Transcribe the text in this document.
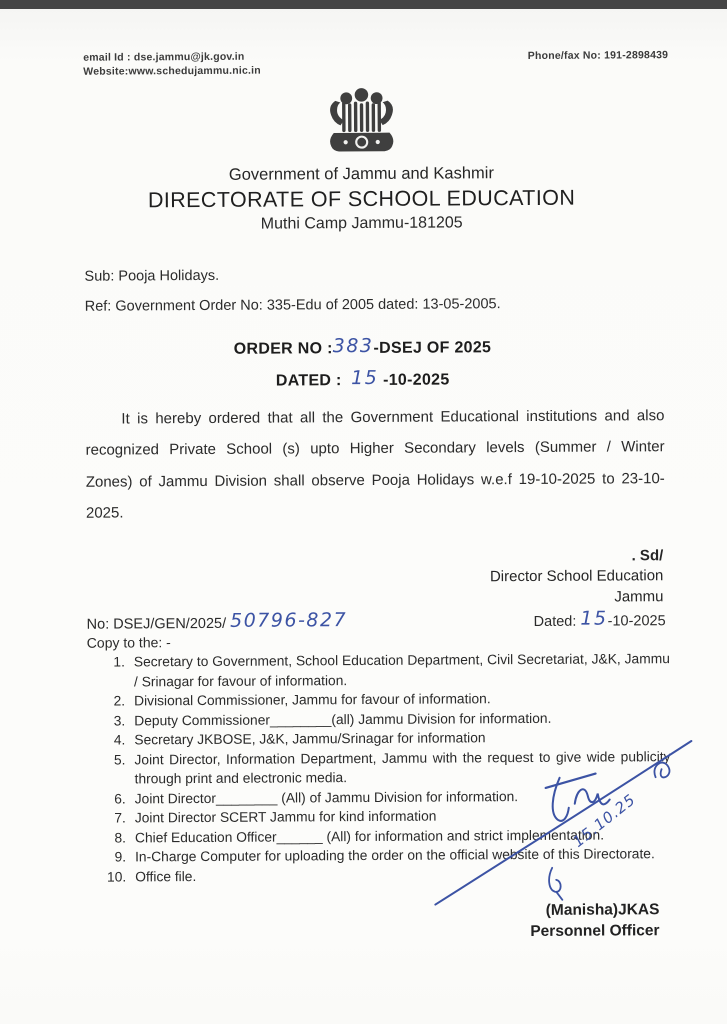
email Id : dse.jammu@jk.gov.in
Website:www.schedujammu.nic.in
Phone/fax No: 191-2898439
Government of Jammu and Kashmir
DIRECTORATE OF SCHOOL EDUCATION
Muthi Camp Jammu-181205
Sub: Pooja Holidays.
Ref: Government Order No: 335-Edu of 2005 dated: 13-05-2005.
ORDER NO :383-DSEJ OF 2025
DATED : 15 -10-2025
It is hereby ordered that all the Government Educational institutions and also recognized Private School (s) upto Higher Secondary levels (Summer / Winter Zones) of Jammu Division shall observe Pooja Holidays w.e.f 19-10-2025 to 23-10-2025.
. Sd/
Director School Education
Jammu
No: DSEJ/GEN/2025/ 50796-827	Dated: 15-10-2025
Copy to the: -
1. Secretary to Government, School Education Department, Civil Secretariat, J&K, Jammu / Srinagar for favour of information.
2. Divisional Commissioner, Jammu for favour of information.
3. Deputy Commissioner________(all) Jammu Division for information.
4. Secretary JKBOSE, J&K, Jammu/Srinagar for information
5. Joint Director, Information Department, Jammu with the request to give wide publicity through print and electronic media.
6. Joint Director________ (All) of Jammu Division for information.
7. Joint Director SCERT Jammu for kind information
8. Chief Education Officer______ (All) for information and strict implementation.
9. In-Charge Computer for uploading the order on the official website of this Directorate.
10. Office file.
(Manisha)JKAS
Personnel Officer
15.10.25
